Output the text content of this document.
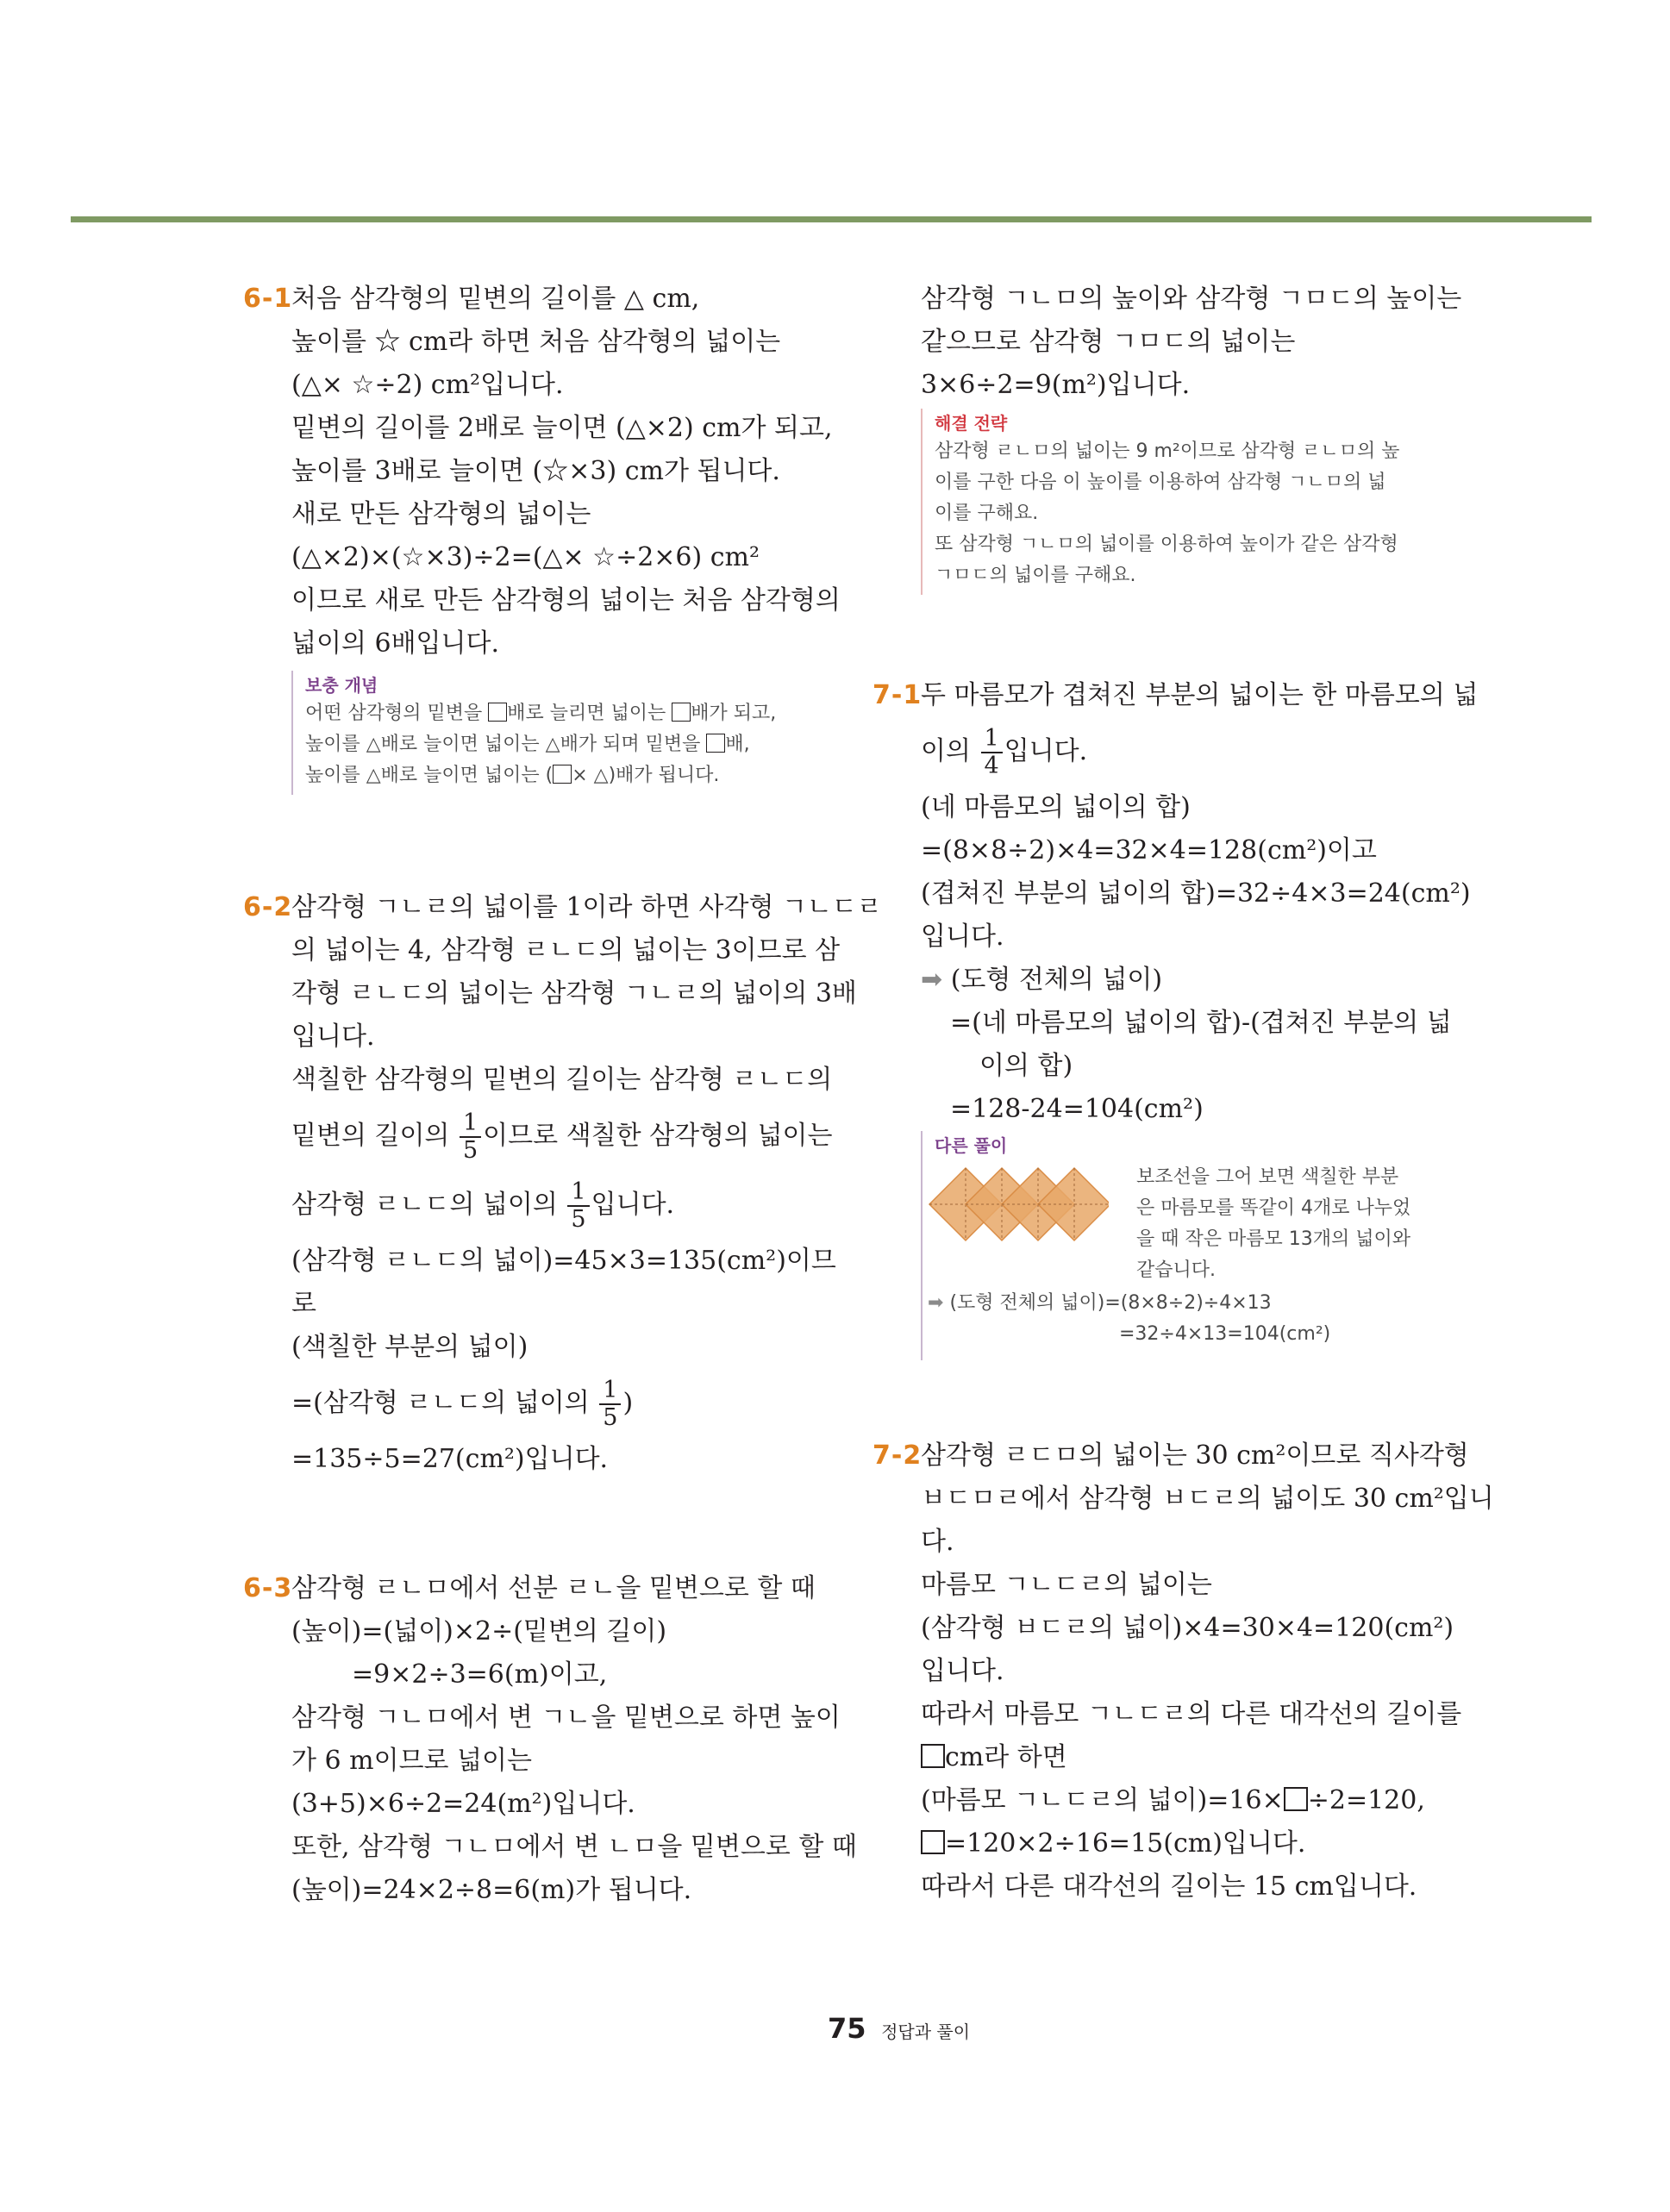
6-1
처음 삼각형의 밑변의 길이를 △ cm,
높이를 ☆ cm라 하면 처음 삼각형의 넓이는
(△× ☆÷2) cm²입니다.
밑변의 길이를 2배로 늘이면 (△×2) cm가 되고,
높이를 3배로 늘이면 (☆×3) cm가 됩니다.
새로 만든 삼각형의 넓이는
(△×2)×(☆×3)÷2=(△× ☆÷2×6) cm²
이므로 새로 만든 삼각형의 넓이는 처음 삼각형의
넓이의 6배입니다.
보충 개념
어떤 삼각형의 밑변을 배로 늘리면 넓이는 배가 되고,
높이를 △배로 늘이면 넓이는 △배가 되며 밑변을 배,
높이를 △배로 늘이면 넓이는 ( × △)배가 됩니다.
6-2
삼각형 ㄱㄴㄹ의 넓이를 1이라 하면 사각형 ㄱㄴㄷㄹ
의 넓이는 4, 삼각형 ㄹㄴㄷ의 넓이는 3이므로 삼
각형 ㄹㄴㄷ의 넓이는 삼각형 ㄱㄴㄹ의 넓이의 3배
입니다.
색칠한 삼각형의 밑변의 길이는 삼각형 ㄹㄴㄷ의
밑변의 길이의 $\frac{1}{5}$ 이므로 색칠한 삼각형의 넓이는
삼각형 ㄹㄴㄷ의 넓이의 $\frac{1}{5}$ 입니다.
(삼각형 ㄹㄴㄷ의 넓이)=45×3=135(cm²)이므
로
(색칠한 부분의 넓이)
=(삼각형 ㄹㄴㄷ의 넓이의 $\frac{1}{5}$ )
=135÷5=27(cm²)입니다.
6-3
삼각형 ㄹㄴㅁ에서 선분 ㄹㄴ을 밑변으로 할 때
(높이)=(넓이)×2÷(밑변의 길이)
=9×2÷3=6(m)이고,
삼각형 ㄱㄴㅁ에서 변 ㄱㄴ을 밑변으로 하면 높이
가 6 m이므로 넓이는
(3+5)×6÷2=24(m²)입니다.
또한, 삼각형 ㄱㄴㅁ에서 변 ㄴㅁ을 밑변으로 할 때
(높이)=24×2÷8=6(m)가 됩니다.
삼각형 ㄱㄴㅁ의 높이와 삼각형 ㄱㅁㄷ의 높이는
같으므로 삼각형 ㄱㅁㄷ의 넓이는
3×6÷2=9(m²)입니다.
해결 전략
삼각형 ㄹㄴㅁ의 넓이는 9 m²이므로 삼각형 ㄹㄴㅁ의 높
이를 구한 다음 이 높이를 이용하여 삼각형 ㄱㄴㅁ의 넓
이를 구해요.
또 삼각형 ㄱㄴㅁ의 넓이를 이용하여 높이가 같은 삼각형
ㄱㅁㄷ의 넓이를 구해요.
7-1
두 마름모가 겹쳐진 부분의 넓이는 한 마름모의 넓
이의 $\frac{1}{4}$ 입니다.
(네 마름모의 넓이의 합)
=(8×8÷2)×4=32×4=128(cm²)이고
(겹쳐진 부분의 넓이의 합)=32÷4×3=24(cm²)
입니다.
➡ (도형 전체의 넓이)
=(네 마름모의 넓이의 합)-(겹쳐진 부분의 넓
이의 합)
=128-24=104(cm²)
다른 풀이
보조선을 그어 보면 색칠한 부분
은 마름모를 똑같이 4개로 나누었
을 때 작은 마름모 13개의 넓이와
같습니다.
➡ (도형 전체의 넓이)=(8×8÷2)÷4×13
=32÷4×13=104(cm²)
7-2
삼각형 ㄹㄷㅁ의 넓이는 30 cm²이므로 직사각형
ㅂㄷㅁㄹ에서 삼각형 ㅂㄷㄹ의 넓이도 30 cm²입니
다.
마름모 ㄱㄴㄷㄹ의 넓이는
(삼각형 ㅂㄷㄹ의 넓이)×4=30×4=120(cm²)
입니다.
따라서 마름모 ㄱㄴㄷㄹ의 다른 대각선의 길이를
cm라 하면
(마름모 ㄱㄴㄷㄹ의 넓이)=16× ÷2=120,
=120×2÷16=15(cm)입니다.
따라서 다른 대각선의 길이는 15 cm입니다.
75 정답과 풀이
